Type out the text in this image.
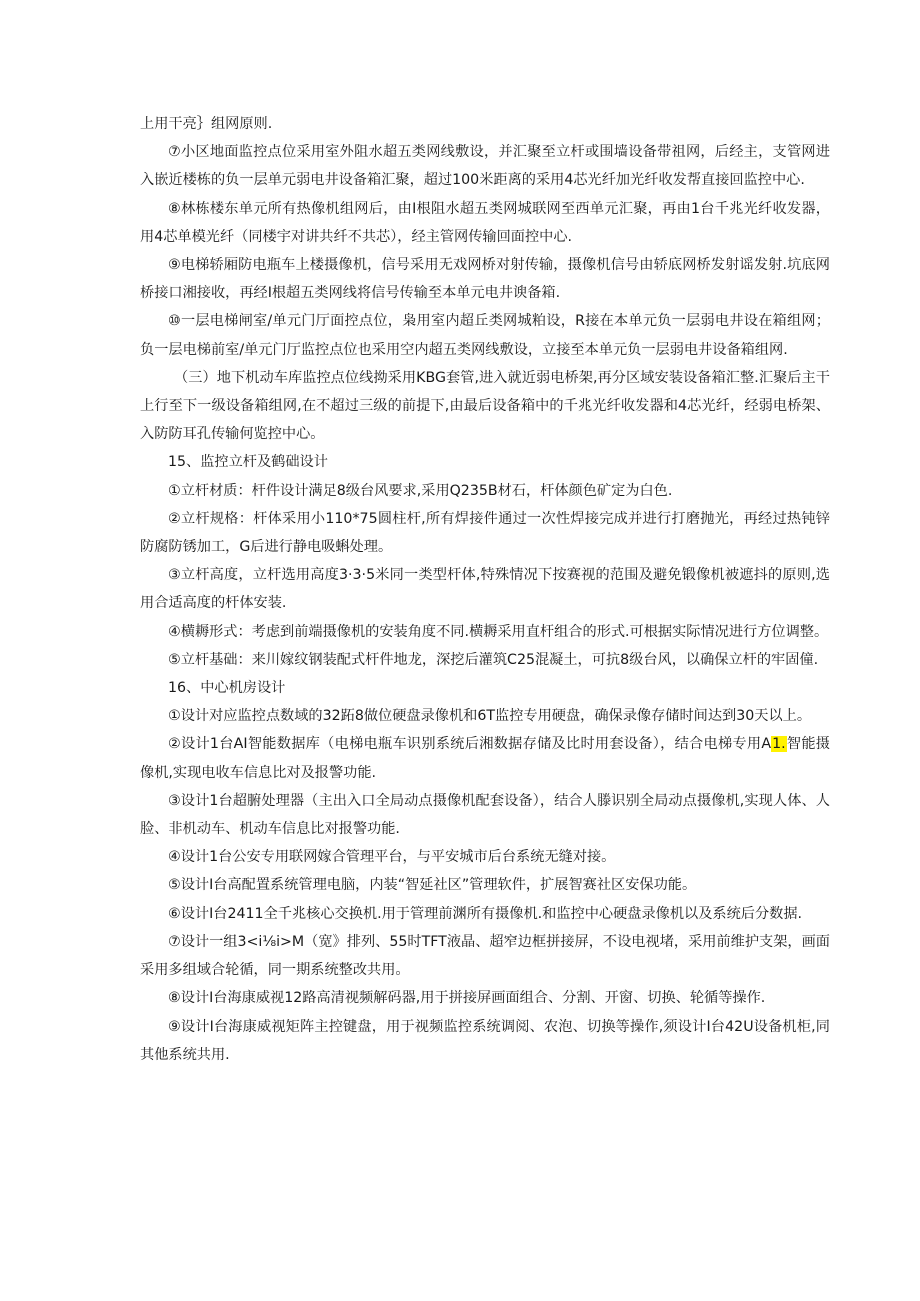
上用干亮｝组网原则.

⑦小区地面监控点位采用室外阻水超五类网线敷设，并汇聚至立杆或围墙设备带祖网，后经主，支管网进入嵌近楼栋的负一层单元弱电井设备箱汇聚，超过100米距离的采用4芯光纤加光纤收发帮直接回监控中心.

⑧林栋楼东单元所有热像机组网后，由I根阻水超五类网城联网至西单元汇聚，再由1台千兆光纤收发器，用4芯单模光纤（同楼宇对讲共纤不共芯），经主管网传输回面控中心.

⑨电梯轿厢防电瓶车上楼摄像机，信号采用无戏网桥对射传输，摄像机信号由轿底网桥发射谣发射.坑底网桥接口湘接收，再经I根超五类网线将信号传输至本单元电井谀备箱.

⑩一层电梯闸室/单元门厅面控点位，枭用室内超丘类网城粕设，R接在本单元负一层弱电井设在箱组网；负一层电梯前室/单元门厅监控点位也采用空内超五类网线敷设，立接至本单元负一层弱电井设备箱组网.

（三）地下机动车库监控点位线拗采用KBG套管,进入就近弱电桥架,再分区域安装设备箱汇整.汇聚后主干上行至下一级设备箱组网,在不超过三级的前提下,由最后设备箱中的千兆光纤收发器和4芯光纤，经弱电桥架、入防防耳孔传输何览控中心。

15、监控立杆及鹤础设计

①立杆材质：杆件设计满足8级台风要求,采用Q235B材石，杆体颜色矿定为白色.

②立杆规格：杆体采用小110*75圆柱杆,所有焊接件通过一次性焊接完成并进行打磨抛光，再经过热钝锌防腐防锈加工，G后进行静电吸蝌处理。

③立杆高度，立杆选用高度3·3·5米同一类型杆体,特殊情况下按赛视的范围及避免锻像机被遮抖的原则,选用合适高度的杆体安装.

④横耨形式：考虑到前端摄像机的安装角度不同.横耨采用直杆组合的形式.可根据实际情况进行方位调整。

⑤立杆基础：来川嫁纹钢装配式杆件地龙，深挖后灌筑C25混凝土，可抗8级台风，以确保立杆的牢固僮.

16、中心机房设计

①设计对应监控点数域的32跖8做位硬盘录像机和6T监控专用硬盘，确保录像存储时间达到30天以上。

②设计1台AI智能数据库（电梯电瓶车识别系统后湘数据存储及比时用套设备），结合电梯专用A1.智能摄像机,实现电收车信息比对及报警功能.

③设计1台超腑处理器（主出入口全局动点摄像机配套设备），结合人滕识别全局动点摄像机,实现人体、人脸、非机动车、机动车信息比对报警功能.

④设计1台公安专用联网嫁合管理平台，与平安城市后台系统无缝对接。

⑤设计I台高配置系统管理电脑，内装“智延社区”管理软件，扩展智赛社区安保功能。

⑥设计I台2411全千兆核心交换机.用于管理前渊所有摄像机.和监控中心硬盘录像机以及系统后分数据.

⑦设计一组3<i⅛i>M（宽》排列、55时TFT液晶、超窄边框拼接屏，不设电视堵，采用前维护支架，画面采用多组域合轮循，同一期系统整改共用。

⑧设计I台海康威视12路高清视频解码器,用于拼接屏画面组合、分割、开窗、切换、轮循等操作.

⑨设计I台海康威视矩阵主控键盘，用于视频监控系统调阅、农泡、切换等操作,须设计I台42U设备机柜,同其他系统共用.
